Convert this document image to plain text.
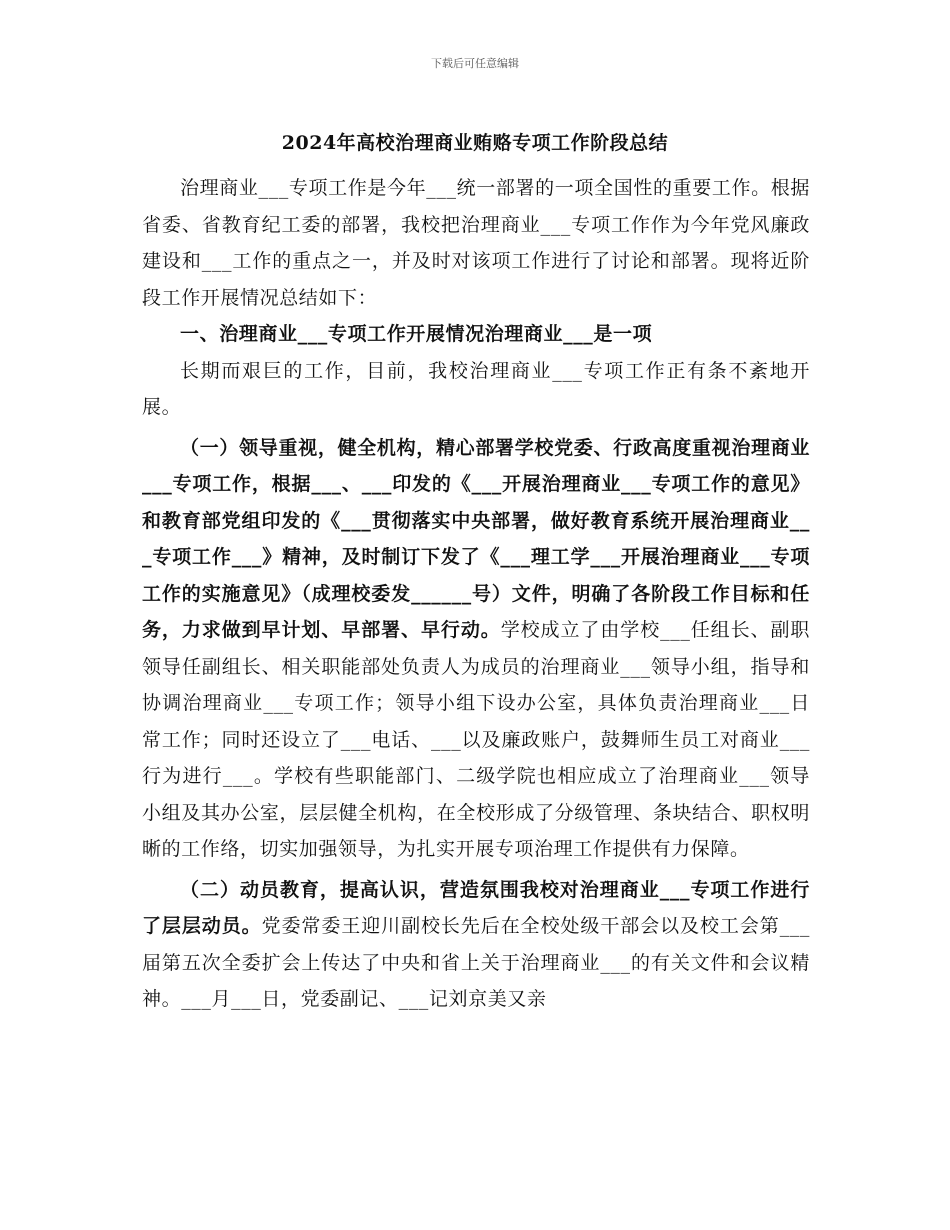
下载后可任意编辑
2024年高校治理商业贿赂专项工作阶段总结

治理商业___专项工作是今年___统一部署的一项全国性的重要工作。根据省委、省教育纪工委的部署，我校把治理商业___专项工作作为今年党风廉政建设和___工作的重点之一，并及时对该项工作进行了讨论和部署。现将近阶段工作开展情况总结如下：

一、治理商业___专项工作开展情况治理商业___是一项

长期而艰巨的工作，目前，我校治理商业___专项工作正有条不紊地开展。

（一）领导重视，健全机构，精心部署学校党委、行政高度重视治理商业___专项工作，根据___、___印发的《___开展治理商业___专项工作的意见》和教育部党组印发的《___贯彻落实中央部署，做好教育系统开展治理商业___专项工作___》精神，及时制订下发了《___理工学___开展治理商业___专项工作的实施意见》（成理校委发______号）文件，明确了各阶段工作目标和任务，力求做到早计划、早部署、早行动。学校成立了由学校___任组长、副职领导任副组长、相关职能部处负责人为成员的治理商业___领导小组，指导和协调治理商业___专项工作；领导小组下设办公室，具体负责治理商业___日常工作；同时还设立了___电话、___以及廉政账户，鼓舞师生员工对商业___行为进行___。学校有些职能部门、二级学院也相应成立了治理商业___领导小组及其办公室，层层健全机构，在全校形成了分级管理、条块结合、职权明晰的工作络，切实加强领导，为扎实开展专项治理工作提供有力保障。

（二）动员教育，提高认识，营造氛围我校对治理商业___专项工作进行了层层动员。党委常委王迎川副校长先后在全校处级干部会以及校工会第___届第五次全委扩会上传达了中央和省上关于治理商业___的有关文件和会议精神。___月___日，党委副记、___记刘京美又亲
